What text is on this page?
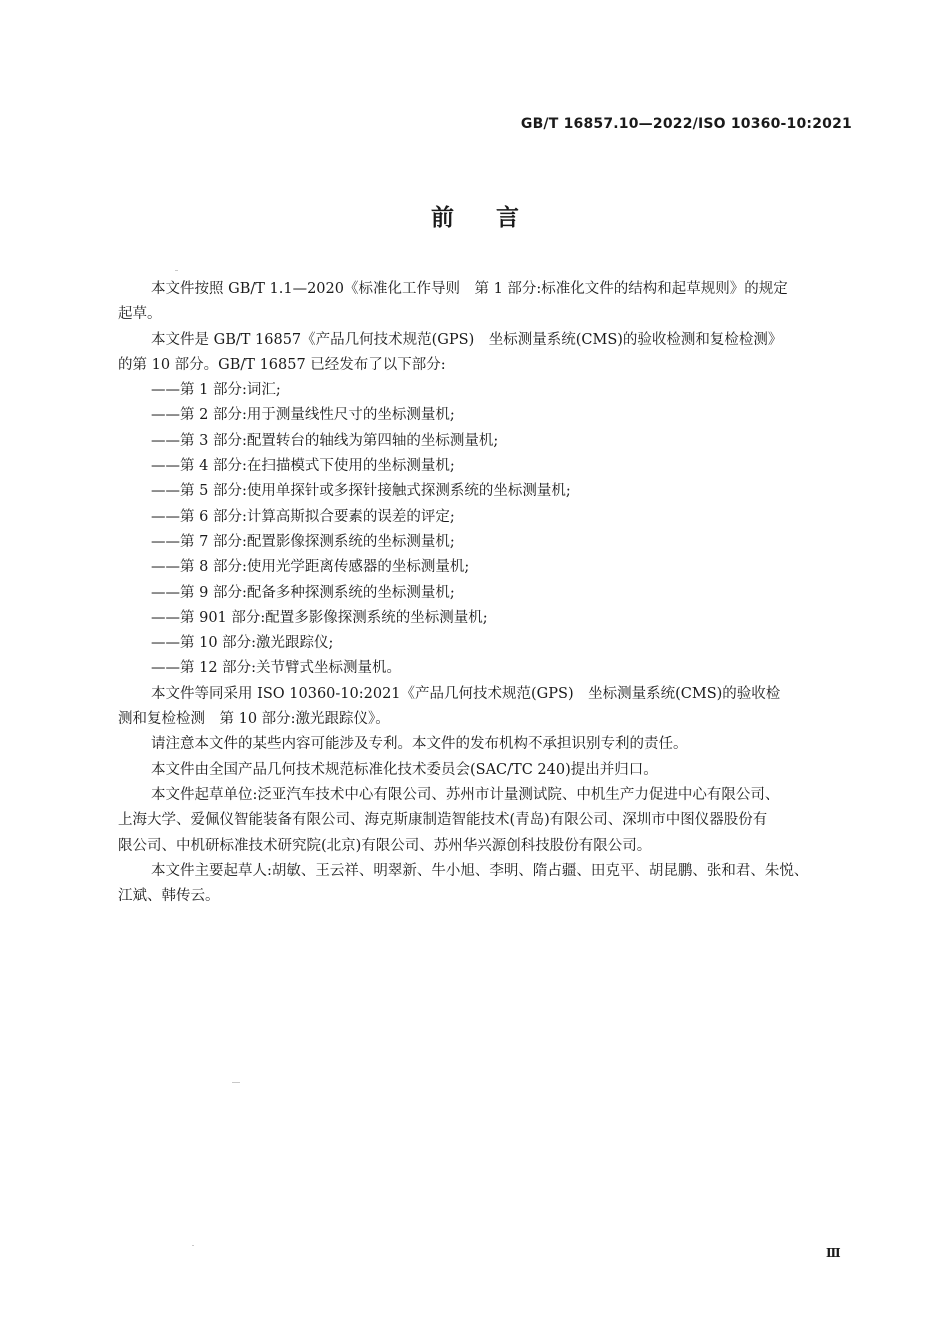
GB/T 16857.10—2022/ISO 10360-10:2021
前言

本文件按照 GB/T 1.1—2020《标准化工作导则　第 1 部分:标准化文件的结构和起草规则》的规定

起草。

本文件是 GB/T 16857《产品几何技术规范(GPS)　坐标测量系统(CMS)的验收检测和复检检测》

的第 10 部分。GB/T 16857 已经发布了以下部分:

——第 1 部分:词汇;

——第 2 部分:用于测量线性尺寸的坐标测量机;

——第 3 部分:配置转台的轴线为第四轴的坐标测量机;

——第 4 部分:在扫描模式下使用的坐标测量机;

——第 5 部分:使用单探针或多探针接触式探测系统的坐标测量机;

——第 6 部分:计算高斯拟合要素的误差的评定;

——第 7 部分:配置影像探测系统的坐标测量机;

——第 8 部分:使用光学距离传感器的坐标测量机;

——第 9 部分:配备多种探测系统的坐标测量机;

——第 901 部分:配置多影像探测系统的坐标测量机;

——第 10 部分:激光跟踪仪;

——第 12 部分:关节臂式坐标测量机。

本文件等同采用 ISO 10360-10:2021《产品几何技术规范(GPS)　坐标测量系统(CMS)的验收检

测和复检检测　第 10 部分:激光跟踪仪》。

请注意本文件的某些内容可能涉及专利。本文件的发布机构不承担识别专利的责任。

本文件由全国产品几何技术规范标准化技术委员会(SAC/TC 240)提出并归口。

本文件起草单位:泛亚汽车技术中心有限公司、苏州市计量测试院、中机生产力促进中心有限公司、

上海大学、爱佩仪智能装备有限公司、海克斯康制造智能技术(青岛)有限公司、深圳市中图仪器股份有

限公司、中机研标准技术研究院(北京)有限公司、苏州华兴源创科技股份有限公司。

本文件主要起草人:胡敏、王云祥、明翠新、牛小旭、李明、隋占疆、田克平、胡昆鹏、张和君、朱悦、

江斌、韩传云。

Ⅲ
